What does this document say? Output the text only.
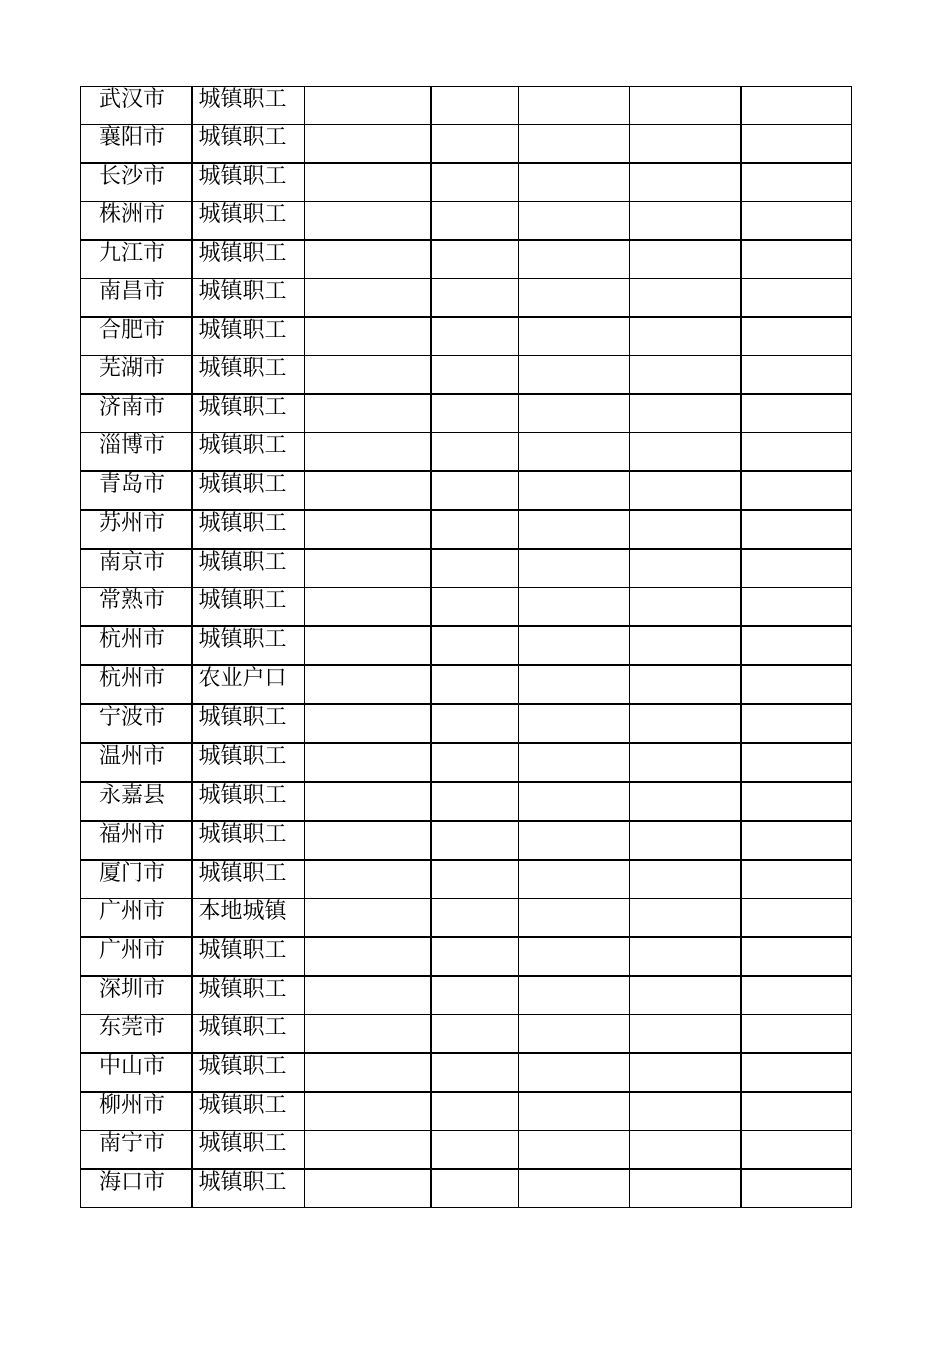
武汉市	城镇职工					
襄阳市	城镇职工					
长沙市	城镇职工					
株洲市	城镇职工					
九江市	城镇职工					
南昌市	城镇职工					
合肥市	城镇职工					
芜湖市	城镇职工					
济南市	城镇职工					
淄博市	城镇职工					
青岛市	城镇职工					
苏州市	城镇职工					
南京市	城镇职工					
常熟市	城镇职工					
杭州市	城镇职工					
杭州市	农业户口					
宁波市	城镇职工					
温州市	城镇职工					
永嘉县	城镇职工					
福州市	城镇职工					
厦门市	城镇职工					
广州市	本地城镇					
广州市	城镇职工					
深圳市	城镇职工					
东莞市	城镇职工					
中山市	城镇职工					
柳州市	城镇职工					
南宁市	城镇职工					
海口市	城镇职工					
